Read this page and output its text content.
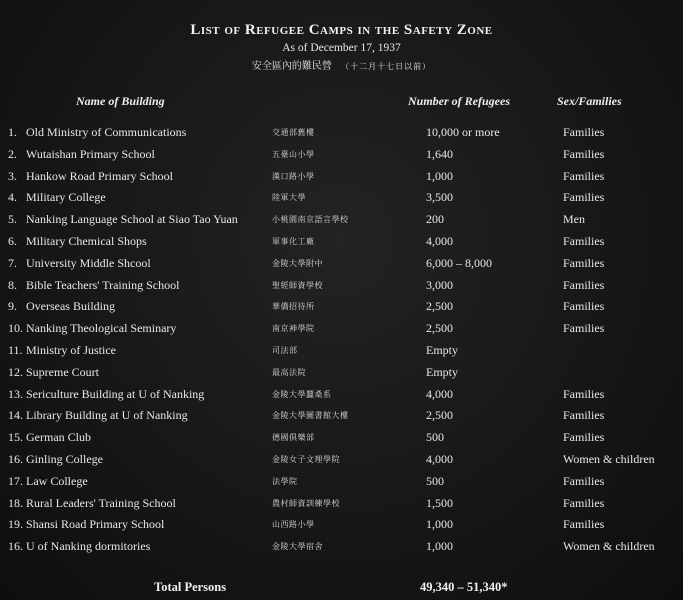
List of Refugee Camps in the Safety Zone
As of December 17, 1937
安全區內的難民營 （十二月十七日以前）
Name of Building	Number of Refugees	Sex/Families
1. Old Ministry of Communications	交通部舊樓	10,000 or more	Families
2. Wutaishan Primary School	五臺山小學	1,640	Families
3. Hankow Road Primary School	漢口路小學	1,000	Families
4. Military College	陸軍大學	3,500	Families
5. Nanking Language School at Siao Tao Yuan	小桃園南京語言學校	200	Men
6. Military Chemical Shops	軍事化工廠	4,000	Families
7. University Middle Shcool	金陵大學附中	6,000 – 8,000	Families
8. Bible Teachers' Training School	聖經師資學校	3,000	Families
9. Overseas Building	華僑招待所	2,500	Families
10. Nanking Theological Seminary	南京神學院	2,500	Families
11. Ministry of Justice	司法部	Empty
12. Supreme Court	最高法院	Empty
13. Sericulture Building at U of Nanking	金陵大學蠶桑系	4,000	Families
14. Library Building at U of Nanking	金陵大學圖書館大樓	2,500	Families
15. German Club	德國俱樂部	500	Families
16. Ginling College	金陵女子文理學院	4,000	Women & children
17. Law College	法學院	500	Families
18. Rural Leaders' Training School	農村師資訓練學校	1,500	Families
19. Shansi Road Primary School	山西路小學	1,000	Families
16. U of Nanking dormitories	金陵大學宿舍	1,000	Women & children
Total Persons	49,340 – 51,340*
